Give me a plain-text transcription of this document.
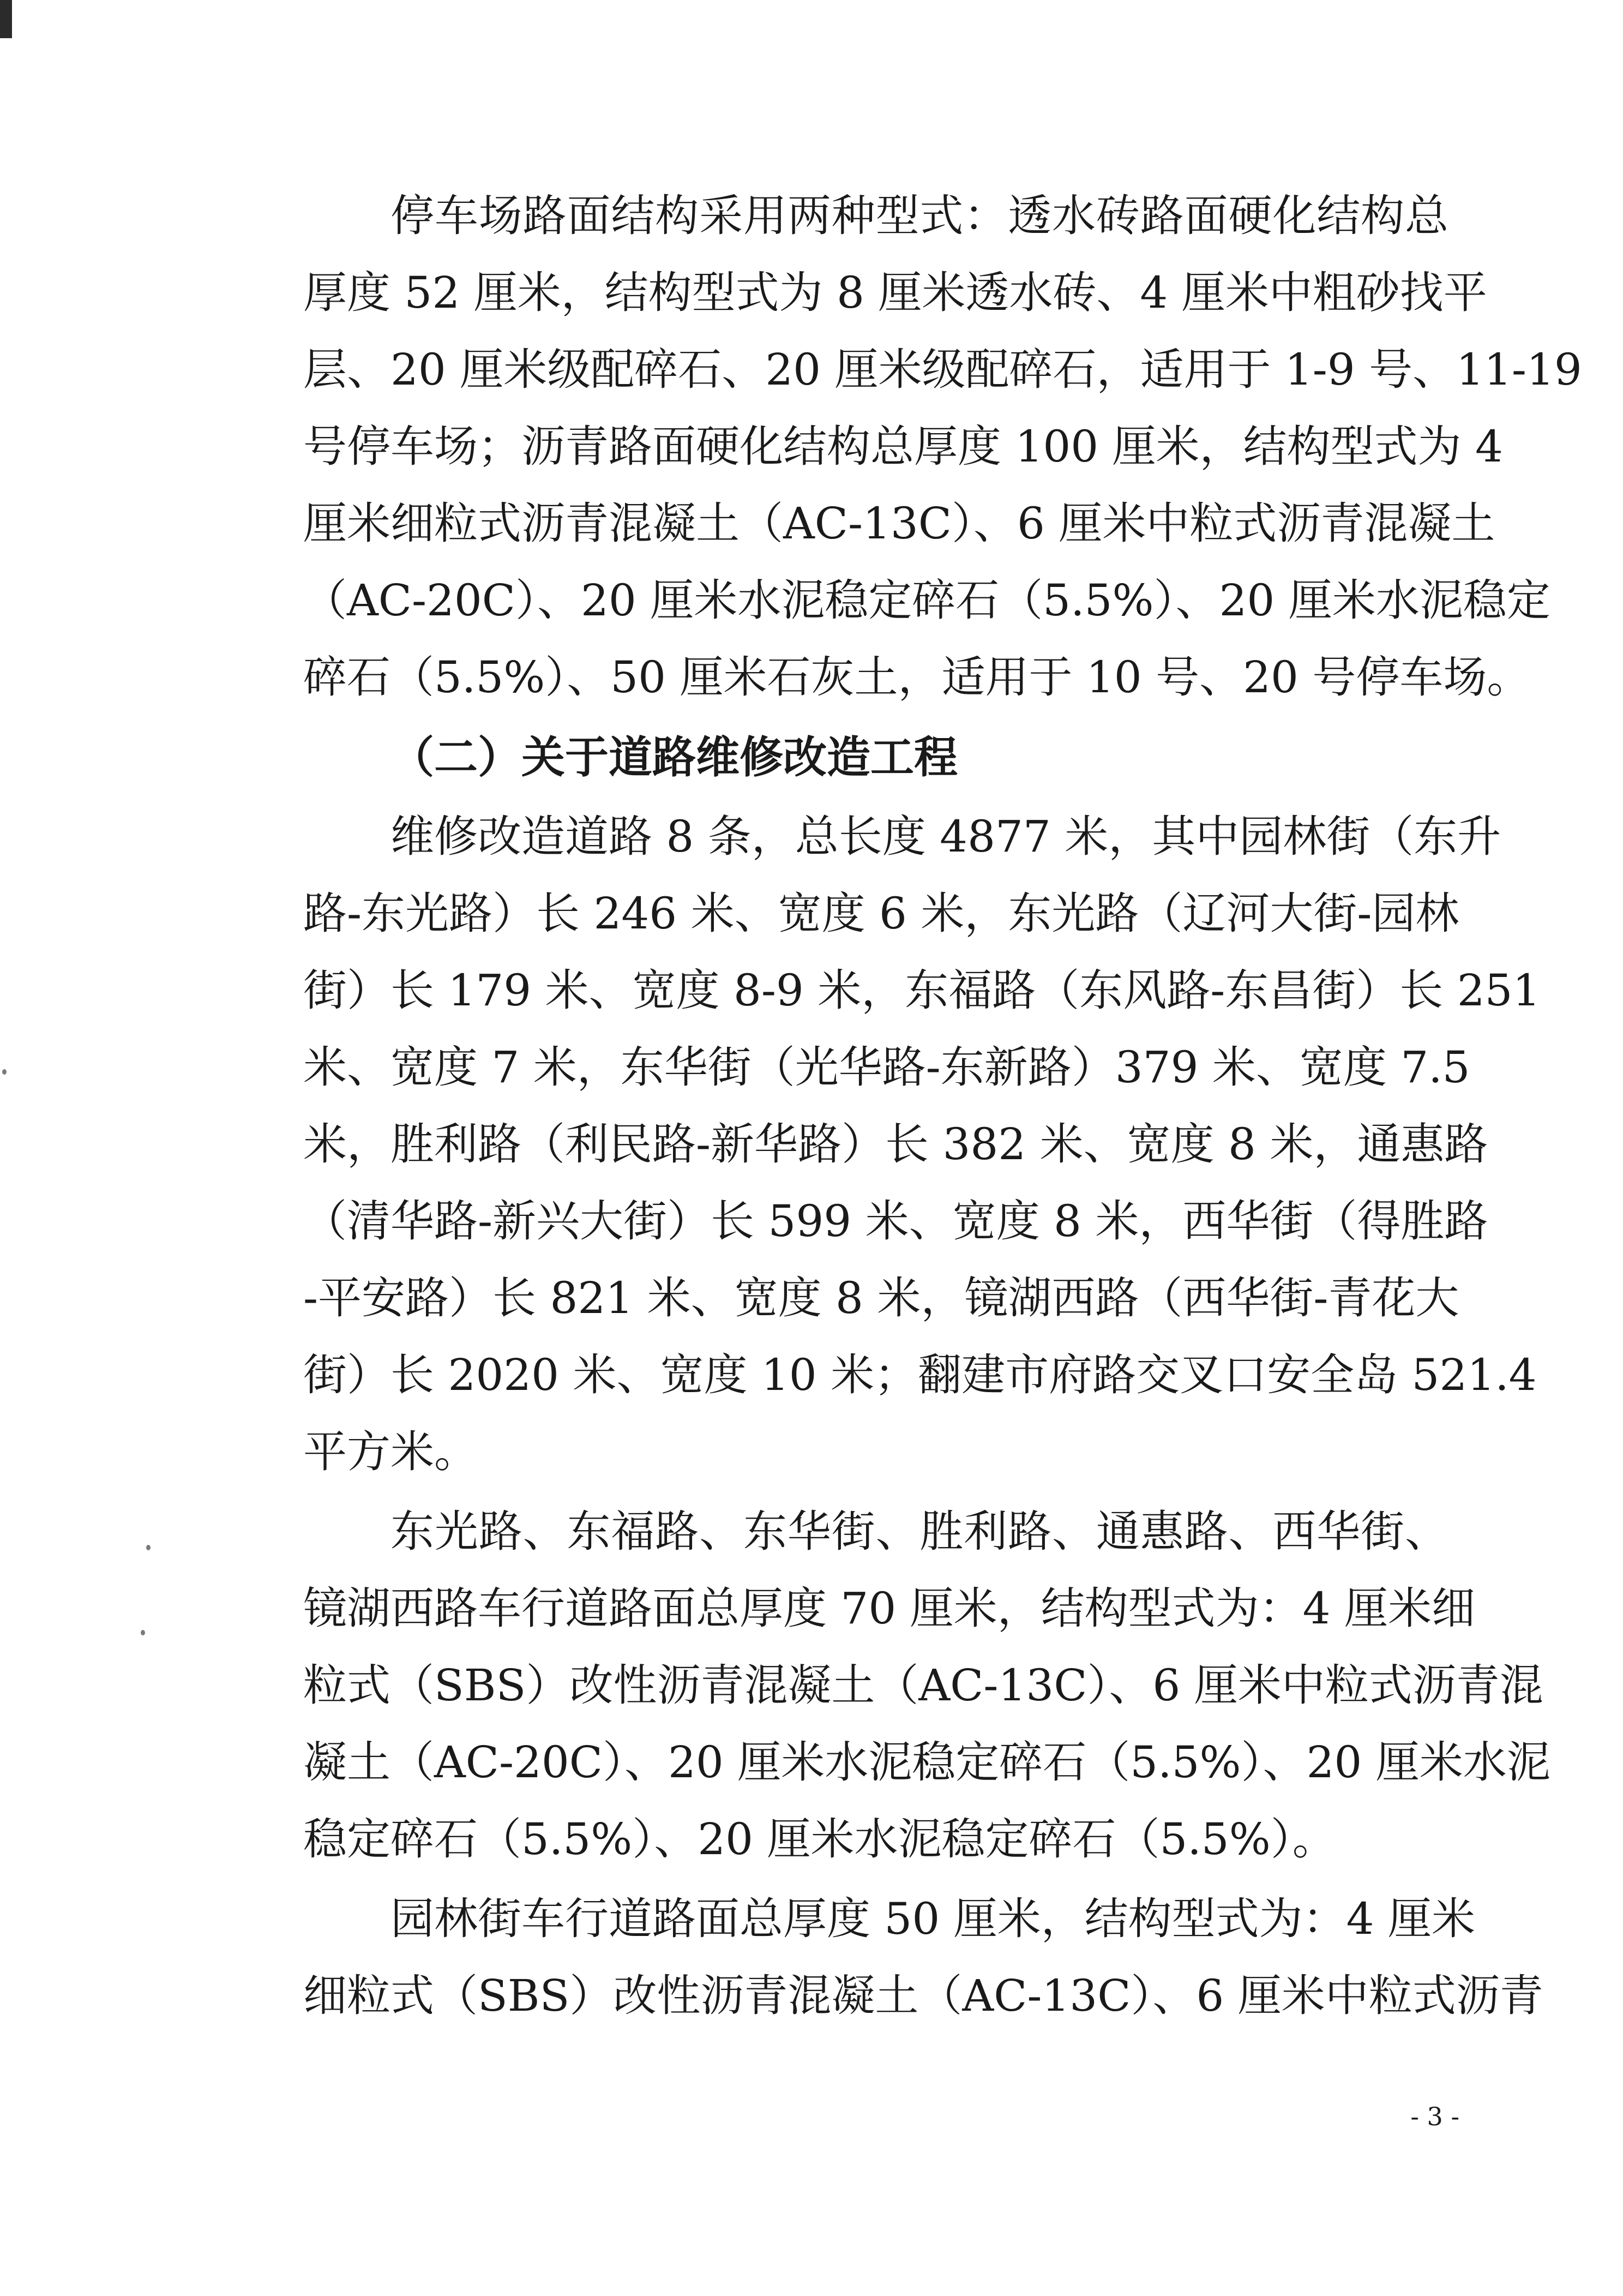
停车场路面结构采用两种型式：透水砖路面硬化结构总
厚度 52 厘米，结构型式为 8 厘米透水砖、4 厘米中粗砂找平
层、20 厘米级配碎石、20 厘米级配碎石，适用于 1-9 号、11-19
号停车场；沥青路面硬化结构总厚度 100 厘米，结构型式为 4
厘米细粒式沥青混凝土（AC-13C）、6 厘米中粒式沥青混凝土
（AC-20C）、20 厘米水泥稳定碎石（5.5%）、20 厘米水泥稳定
碎石（5.5%）、50 厘米石灰土，适用于 10 号、20 号停车场。
（二）关于道路维修改造工程
维修改造道路 8 条，总长度 4877 米，其中园林街（东升
路-东光路）长 246 米、宽度 6 米，东光路（辽河大街-园林
街）长 179 米、宽度 8-9 米，东福路（东风路-东昌街）长 251
米、宽度 7 米，东华街（光华路-东新路）379 米、宽度 7.5
米，胜利路（利民路-新华路）长 382 米、宽度 8 米，通惠路
（清华路-新兴大街）长 599 米、宽度 8 米，西华街（得胜路
-平安路）长 821 米、宽度 8 米，镜湖西路（西华街-青花大
街）长 2020 米、宽度 10 米；翻建市府路交叉口安全岛 521.4
平方米。
东光路、东福路、东华街、胜利路、通惠路、西华街、
镜湖西路车行道路面总厚度 70 厘米，结构型式为：4 厘米细
粒式（SBS）改性沥青混凝土（AC-13C）、6 厘米中粒式沥青混
凝土（AC-20C）、20 厘米水泥稳定碎石（5.5%）、20 厘米水泥
稳定碎石（5.5%）、20 厘米水泥稳定碎石（5.5%）。
园林街车行道路面总厚度 50 厘米，结构型式为：4 厘米
细粒式（SBS）改性沥青混凝土（AC-13C）、6 厘米中粒式沥青
- 3 -
